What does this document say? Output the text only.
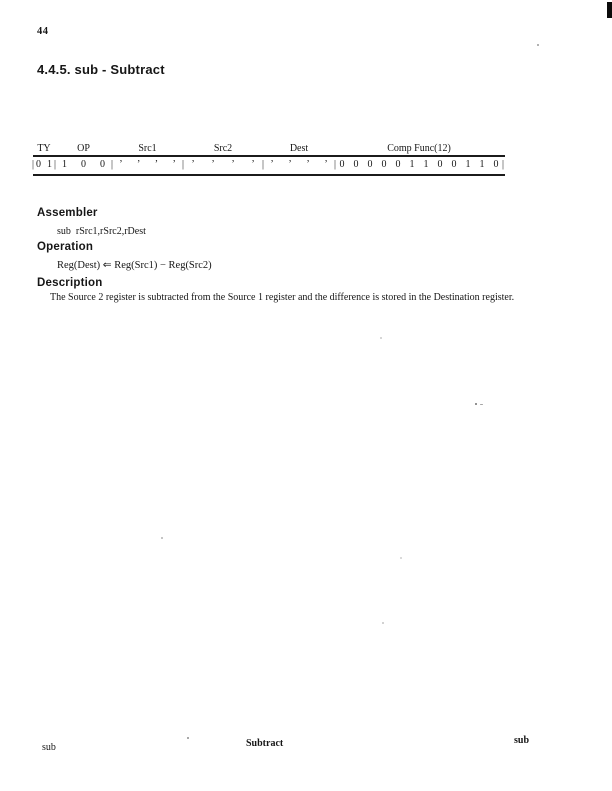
44
4.4.5. sub - Subtract
TY	OP	Src1	Src2	Dest	Comp Func(12)
| 0 1 | 1	0	0 | ’	’	’	’ | ’	’	’	’ | ’	’	’	’ | 0 0 0 0 0 1 1 0 0 1 1 0 |
Assembler
sub  rSrc1,rSrc2,rDest
Operation
Reg(Dest) ⇐ Reg(Src1) − Reg(Src2)
Description
The Source 2 register is subtracted from the Source 1 register and the difference is stored in the Destination register.
sub	Subtract	sub
